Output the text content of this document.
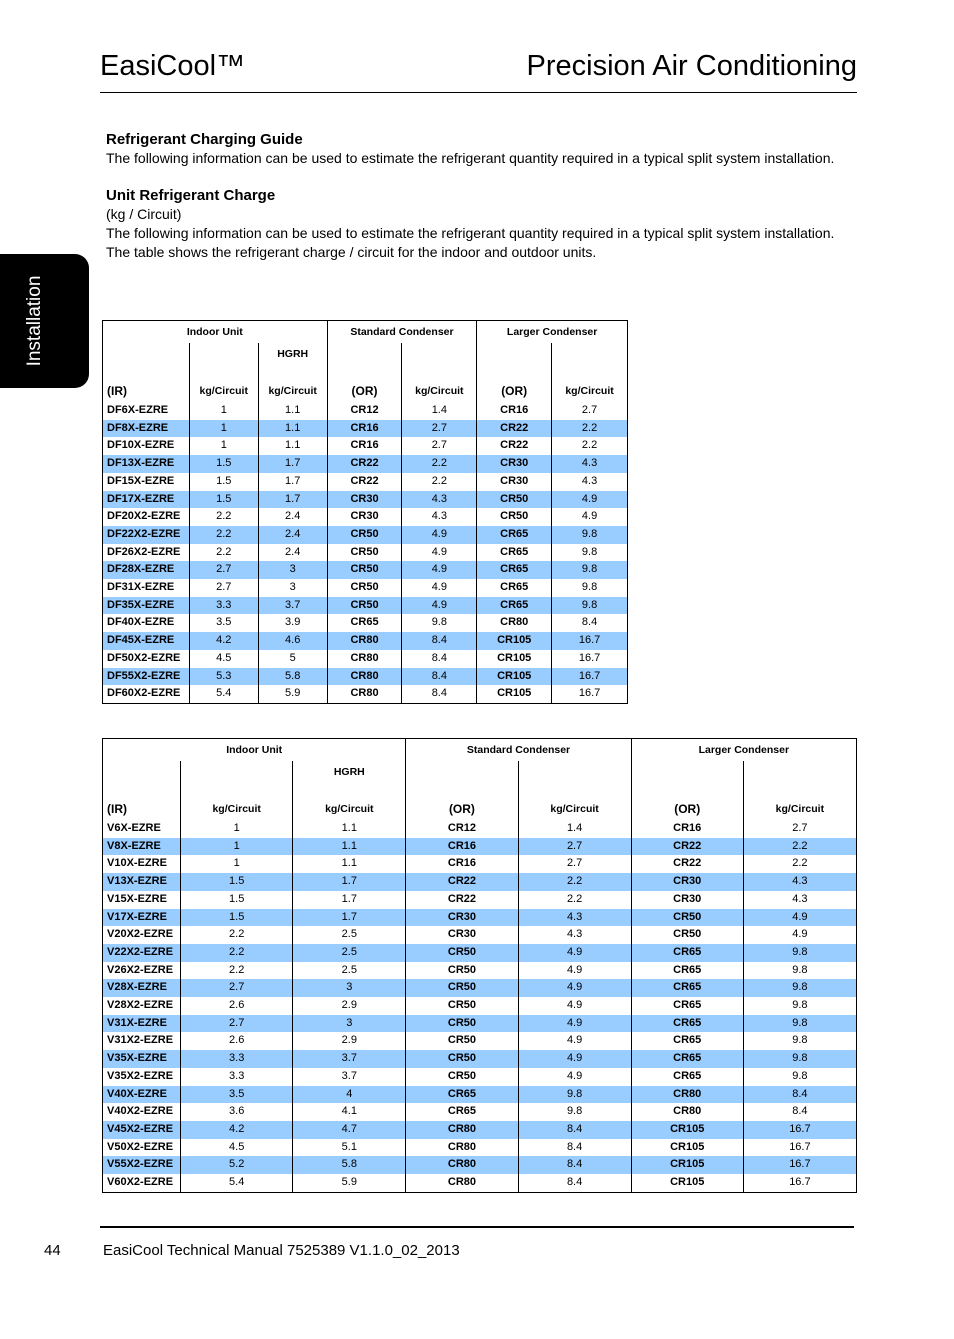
EasiCool™	Precision Air Conditioning
Installation
Refrigerant Charging Guide

The following information can be used to estimate the refrigerant quantity required in a typical split system installation.

Unit Refrigerant Charge

(kg / Circuit)

The following information can be used to estimate the refrigerant quantity required in a typical split system installation.

The table shows the refrigerant charge / circuit for the indoor and outdoor units.

Indoor Unit			Standard Condenser		Larger Condenser	
		HGRH				
(IR)	kg/Circuit	kg/Circuit	(OR)	kg/Circuit	(OR)	kg/Circuit
DF6X-EZRE	1	1.1	CR12	1.4	CR16	2.7
DF8X-EZRE	1	1.1	CR16	2.7	CR22	2.2
DF10X-EZRE	1	1.1	CR16	2.7	CR22	2.2
DF13X-EZRE	1.5	1.7	CR22	2.2	CR30	4.3
DF15X-EZRE	1.5	1.7	CR22	2.2	CR30	4.3
DF17X-EZRE	1.5	1.7	CR30	4.3	CR50	4.9
DF20X2-EZRE	2.2	2.4	CR30	4.3	CR50	4.9
DF22X2-EZRE	2.2	2.4	CR50	4.9	CR65	9.8
DF26X2-EZRE	2.2	2.4	CR50	4.9	CR65	9.8
DF28X-EZRE	2.7	3	CR50	4.9	CR65	9.8
DF31X-EZRE	2.7	3	CR50	4.9	CR65	9.8
DF35X-EZRE	3.3	3.7	CR50	4.9	CR65	9.8
DF40X-EZRE	3.5	3.9	CR65	9.8	CR80	8.4
DF45X-EZRE	4.2	4.6	CR80	8.4	CR105	16.7
DF50X2-EZRE	4.5	5	CR80	8.4	CR105	16.7
DF55X2-EZRE	5.3	5.8	CR80	8.4	CR105	16.7
DF60X2-EZRE	5.4	5.9	CR80	8.4	CR105	16.7
Indoor Unit			Standard Condenser		Larger Condenser	
		HGRH				
(IR)	kg/Circuit	kg/Circuit	(OR)	kg/Circuit	(OR)	kg/Circuit
V6X-EZRE	1	1.1	CR12	1.4	CR16	2.7
V8X-EZRE	1	1.1	CR16	2.7	CR22	2.2
V10X-EZRE	1	1.1	CR16	2.7	CR22	2.2
V13X-EZRE	1.5	1.7	CR22	2.2	CR30	4.3
V15X-EZRE	1.5	1.7	CR22	2.2	CR30	4.3
V17X-EZRE	1.5	1.7	CR30	4.3	CR50	4.9
V20X2-EZRE	2.2	2.5	CR30	4.3	CR50	4.9
V22X2-EZRE	2.2	2.5	CR50	4.9	CR65	9.8
V26X2-EZRE	2.2	2.5	CR50	4.9	CR65	9.8
V28X-EZRE	2.7	3	CR50	4.9	CR65	9.8
V28X2-EZRE	2.6	2.9	CR50	4.9	CR65	9.8
V31X-EZRE	2.7	3	CR50	4.9	CR65	9.8
V31X2-EZRE	2.6	2.9	CR50	4.9	CR65	9.8
V35X-EZRE	3.3	3.7	CR50	4.9	CR65	9.8
V35X2-EZRE	3.3	3.7	CR50	4.9	CR65	9.8
V40X-EZRE	3.5	4	CR65	9.8	CR80	8.4
V40X2-EZRE	3.6	4.1	CR65	9.8	CR80	8.4
V45X2-EZRE	4.2	4.7	CR80	8.4	CR105	16.7
V50X2-EZRE	4.5	5.1	CR80	8.4	CR105	16.7
V55X2-EZRE	5.2	5.8	CR80	8.4	CR105	16.7
V60X2-EZRE	5.4	5.9	CR80	8.4	CR105	16.7
44	EasiCool Technical Manual 7525389 V1.1.0_02_2013
